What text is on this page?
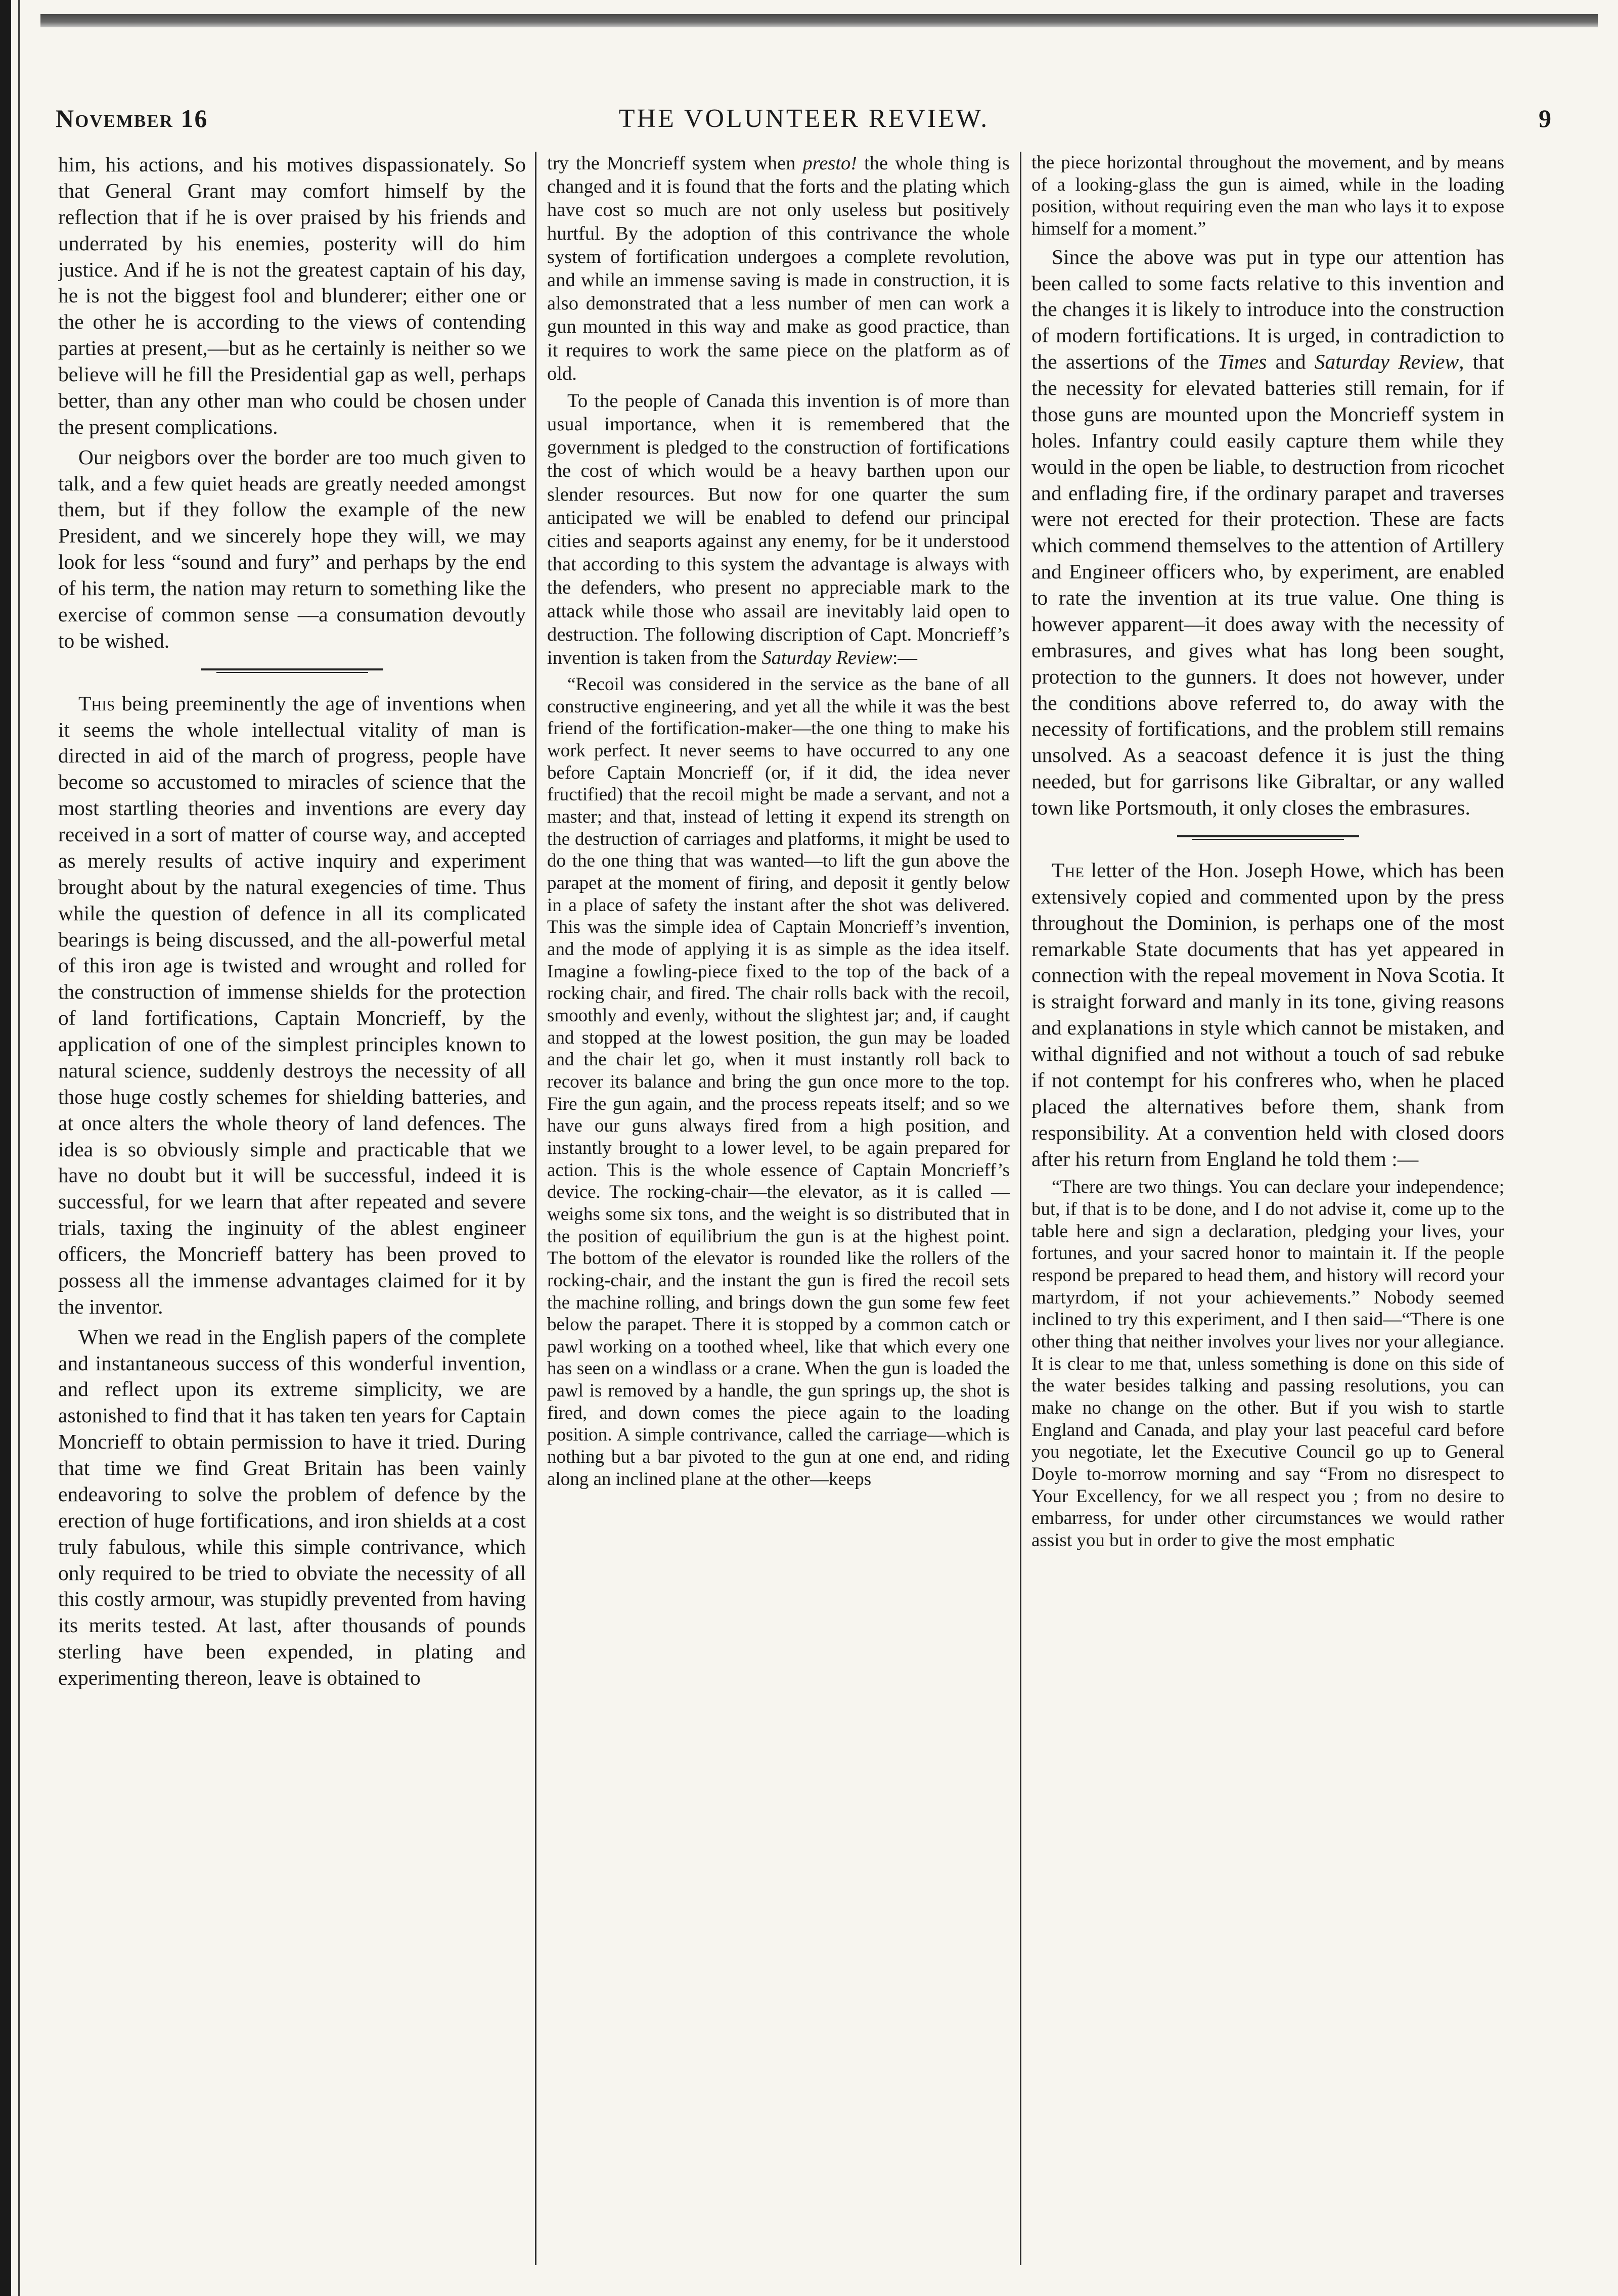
November 16	THE VOLUNTEER REVIEW.	9

him, his actions, and his motives dispassionately. So that General Grant may comfort himself by the reflection that if he is over praised by his friends and underrated by his enemies, posterity will do him justice. And if he is not the greatest captain of his day, he is not the biggest fool and blunderer; either one or the other he is according to the views of contending parties at present,—but as he certainly is neither so we believe will he fill the Presidential gap as well, perhaps better, than any other man who could be chosen under the present complications.

Our neigbors over the border are too much given to talk, and a few quiet heads are greatly needed amongst them, but if they follow the example of the new President, and we sincerely hope they will, we may look for less “sound and fury” and perhaps by the end of his term, the nation may return to something like the exercise of common sense —a consumation devoutly to be wished.

This being preeminently the age of inventions when it seems the whole intellectual vitality of man is directed in aid of the march of progress, people have become so accustomed to miracles of science that the most startling theories and inventions are every day received in a sort of matter of course way, and accepted as merely results of active inquiry and experiment brought about by the natural exegencies of time. Thus while the question of defence in all its complicated bearings is being discussed, and the all-powerful metal of this iron age is twisted and wrought and rolled for the construction of immense shields for the protection of land fortifications, Captain Moncrieff, by the application of one of the simplest principles known to natural science, suddenly destroys the necessity of all those huge costly schemes for shielding batteries, and at once alters the whole theory of land defences. The idea is so obviously simple and practicable that we have no doubt but it will be successful, indeed it is successful, for we learn that after repeated and severe trials, taxing the inginuity of the ablest engineer officers, the Moncrieff battery has been proved to possess all the immense advantages claimed for it by the inventor.

When we read in the English papers of the complete and instantaneous success of this wonderful invention, and reflect upon its extreme simplicity, we are astonished to find that it has taken ten years for Captain Moncrieff to obtain permission to have it tried. During that time we find Great Britain has been vainly endeavoring to solve the problem of defence by the erection of huge fortifications, and iron shields at a cost truly fabulous, while this simple contrivance, which only required to be tried to obviate the necessity of all this costly armour, was stupidly prevented from having its merits tested. At last, after thousands of pounds sterling have been expended, in plating and experimenting thereon, leave is obtained to

try the Moncrieff system when presto! the whole thing is changed and it is found that the forts and the plating which have cost so much are not only useless but positively hurtful. By the adoption of this contrivance the whole system of fortification undergoes a complete revolution, and while an immense saving is made in construction, it is also demonstrated that a less number of men can work a gun mounted in this way and make as good practice, than it requires to work the same piece on the platform as of old.

To the people of Canada this invention is of more than usual importance, when it is remembered that the government is pledged to the construction of fortifications the cost of which would be a heavy barthen upon our slender resources. But now for one quarter the sum anticipated we will be enabled to defend our principal cities and seaports against any enemy, for be it understood that according to this system the advantage is always with the defenders, who present no appreciable mark to the attack while those who assail are inevitably laid open to destruction. The following discription of Capt. Moncrieff’s invention is taken from the Saturday Review:—

“Recoil was considered in the service as the bane of all constructive engineering, and yet all the while it was the best friend of the fortification-maker—the one thing to make his work perfect. It never seems to have occurred to any one before Captain Moncrieff (or, if it did, the idea never fructified) that the recoil might be made a servant, and not a master; and that, instead of letting it expend its strength on the destruction of carriages and platforms, it might be used to do the one thing that was wanted—to lift the gun above the parapet at the moment of firing, and deposit it gently below in a place of safety the instant after the shot was delivered. This was the simple idea of Captain Moncrieff’s invention, and the mode of applying it is as simple as the idea itself. Imagine a fowling-piece fixed to the top of the back of a rocking chair, and fired. The chair rolls back with the recoil, smoothly and evenly, without the slightest jar; and, if caught and stopped at the lowest position, the gun may be loaded and the chair let go, when it must instantly roll back to recover its balance and bring the gun once more to the top. Fire the gun again, and the process repeats itself; and so we have our guns always fired from a high position, and instantly brought to a lower level, to be again prepared for action. This is the whole essence of Captain Moncrieff’s device. The rocking-chair—the elevator, as it is called —weighs some six tons, and the weight is so distributed that in the position of equilibrium the gun is at the highest point. The bottom of the elevator is rounded like the rollers of the rocking-chair, and the instant the gun is fired the recoil sets the machine rolling, and brings down the gun some few feet below the parapet. There it is stopped by a common catch or pawl working on a toothed wheel, like that which every one has seen on a windlass or a crane. When the gun is loaded the pawl is removed by a handle, the gun springs up, the shot is fired, and down comes the piece again to the loading position. A simple contrivance, called the carriage—which is nothing but a bar pivoted to the gun at one end, and riding along an inclined plane at the other—keeps

the piece horizontal throughout the movement, and by means of a looking-glass the gun is aimed, while in the loading position, without requiring even the man who lays it to expose himself for a moment.”

Since the above was put in type our attention has been called to some facts relative to this invention and the changes it is likely to introduce into the construction of modern fortifications. It is urged, in contradiction to the assertions of the Times and Saturday Review, that the necessity for elevated batteries still remain, for if those guns are mounted upon the Moncrieff system in holes. Infantry could easily capture them while they would in the open be liable, to destruction from ricochet and enflading fire, if the ordinary parapet and traverses were not erected for their protection. These are facts which commend themselves to the attention of Artillery and Engineer officers who, by experiment, are enabled to rate the invention at its true value. One thing is however apparent—it does away with the necessity of embrasures, and gives what has long been sought, protection to the gunners. It does not however, under the conditions above referred to, do away with the necessity of fortifications, and the problem still remains unsolved. As a seacoast defence it is just the thing needed, but for garrisons like Gibraltar, or any walled town like Portsmouth, it only closes the embrasures.

The letter of the Hon. Joseph Howe, which has been extensively copied and commented upon by the press throughout the Dominion, is perhaps one of the most remarkable State documents that has yet appeared in connection with the repeal movement in Nova Scotia. It is straight forward and manly in its tone, giving reasons and explanations in style which cannot be mistaken, and withal dignified and not without a touch of sad rebuke if not contempt for his confreres who, when he placed placed the alternatives before them, shank from responsibility. At a convention held with closed doors after his return from England he told them :—

“There are two things. You can declare your independence; but, if that is to be done, and I do not advise it, come up to the table here and sign a declaration, pledging your lives, your fortunes, and your sacred honor to maintain it. If the people respond be prepared to head them, and history will record your martyrdom, if not your achievements.” Nobody seemed inclined to try this experiment, and I then said—“There is one other thing that neither involves your lives nor your allegiance. It is clear to me that, unless something is done on this side of the water besides talking and passing resolutions, you can make no change on the other. But if you wish to startle England and Canada, and play your last peaceful card before you negotiate, let the Executive Council go up to General Doyle to-morrow morning and say “From no disrespect to Your Excellency, for we all respect you ; from no desire to embarress, for under other circumstances we would rather assist you but in order to give the most emphatic
